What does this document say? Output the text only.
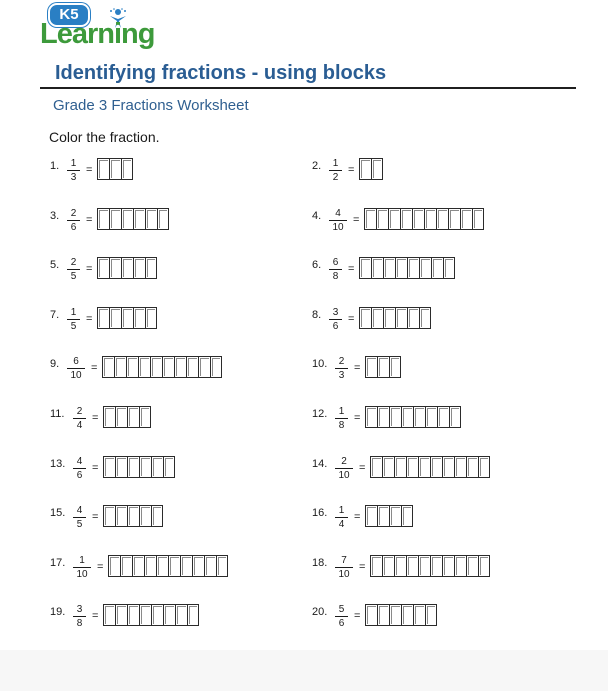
K5
Learning
Identifying fractions - using blocks
Grade 3 Fractions Worksheet
Color the fraction.
1. $\frac{1}{3}$ =	2. $\frac{1}{2}$ =
3. $\frac{2}{6}$ =	4. $\frac{4}{10}$ =
5. $\frac{2}{5}$ =	6. $\frac{6}{8}$ =
7. $\frac{1}{5}$ =	8. $\frac{3}{6}$ =
9. $\frac{6}{10}$ =	10. $\frac{2}{3}$ =
11. $\frac{2}{4}$ =	12. $\frac{1}{8}$ =
13. $\frac{4}{6}$ =	14. $\frac{2}{10}$ =
15. $\frac{4}{5}$ =	16. $\frac{1}{4}$ =
17. $\frac{1}{10}$ =	18. $\frac{7}{10}$ =
19. $\frac{3}{8}$ =	20. $\frac{5}{6}$ =
